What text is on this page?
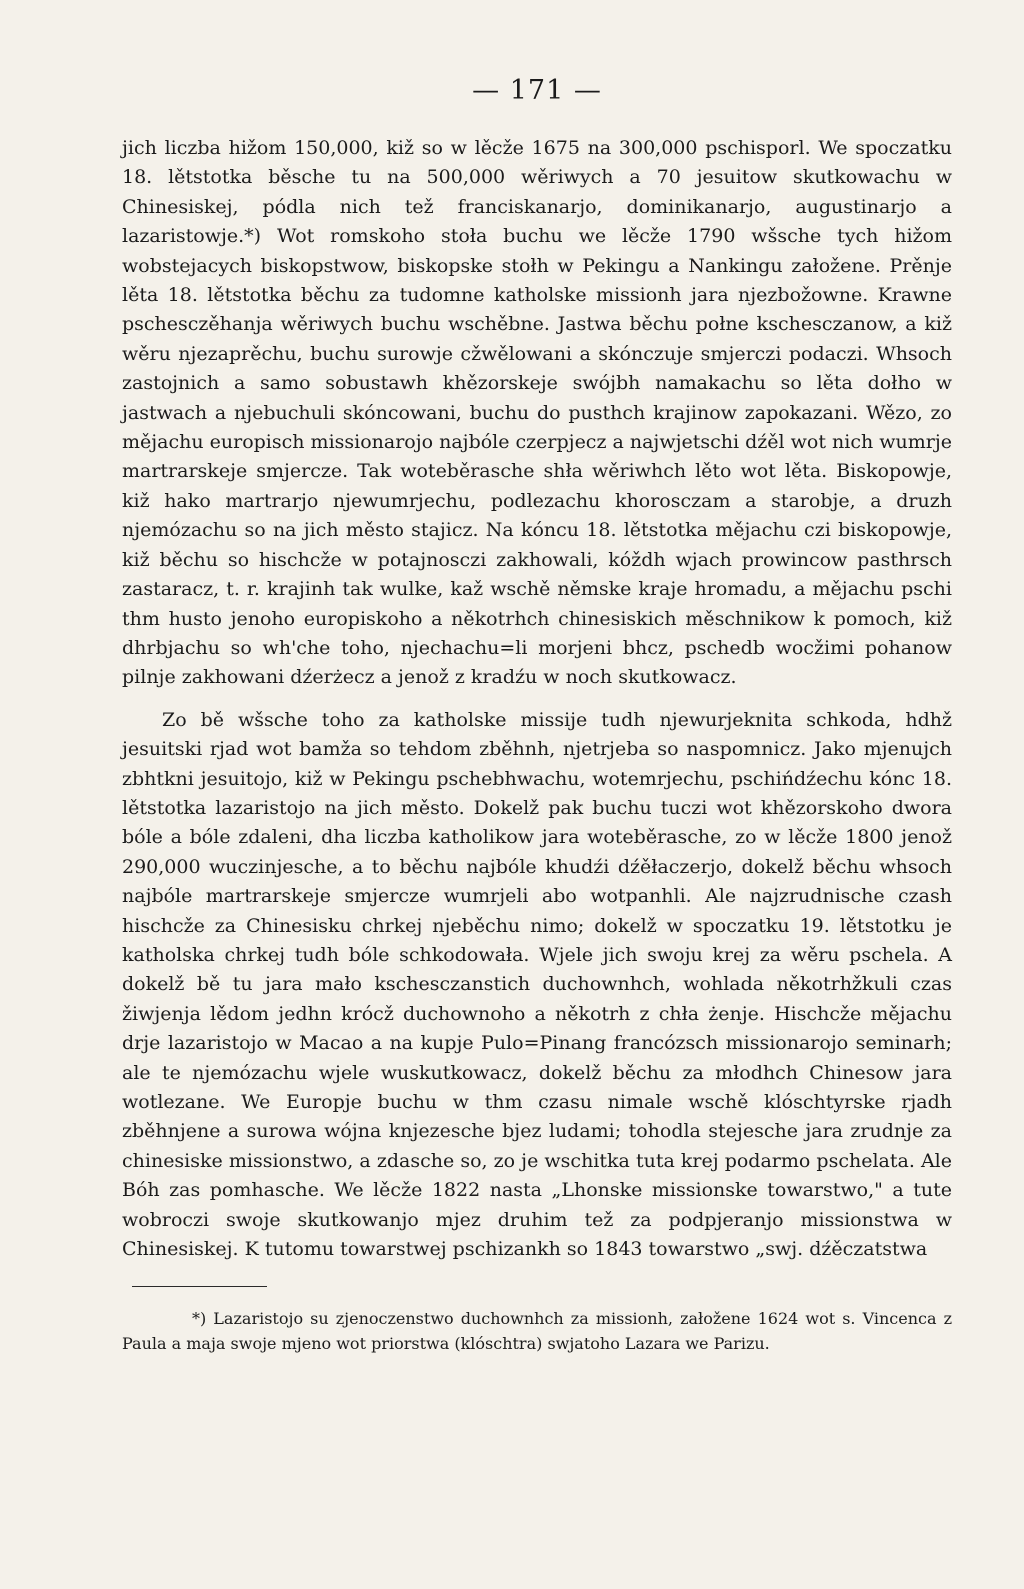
— 171 —

jich liczba hižom 150,000, kiž so w lěcže 1675 na 300,000 pschisporl. We spoczatku 18. lětstotka běsche tu na 500,000 wěriwych a 70 jesuitow skutkowachu w Chinesiskej, pódla nich tež franciskanarjo, dominikanarjo, augustinarjo a lazaristowje.*) Wot romskoho stoła buchu we lěcže 1790 wšsche tych hižom wobstejacych biskopstwow, biskopske stołh w Pekingu a Nankingu załožene. Prěnje lěta 18. lětstotka běchu za tudomne katholske missionh jara njezbožowne. Krawne pschesczěhanja wěriwych buchu wschěbne. Jastwa běchu połne kschesczanow, a kiž wěru njezaprěchu, buchu surowje cžwělowani a skónczuje smjerczi podaczi. Whsoch zastojnich a samo sobustawh khězorskeje swójbh namakachu so lěta dołho w jastwach a njebuchuli skóncowani, buchu do pusthch krajinow zapokazani. Wězo, zo mějachu europisch missionarojo najbóle czerpjecz a najwjetschi dźěl wot nich wumrje martrarskeje smjercze. Tak woteběrasche shła wěriwhch lěto wot lěta. Biskopowje, kiž hako martrarjo njewumrjechu, podlezachu khorosczam a starobje, a druzh njemózachu so na jich město stajicz. Na kóncu 18. lětstotka mějachu czi biskopowje, kiž běchu so hischcže w potajnosczi zakhowali, kóždh wjach prowincow pasthrsch zastaracz, t. r. krajinh tak wulke, kaž wschě němske kraje hromadu, a mějachu pschi thm husto jenoho europiskoho a někotrhch chinesiskich měschnikow k pomoch, kiž dhrbjachu so wh'che toho, njechachu=li morjeni bhcz, pschedb wocžimi pohanow pilnje zakhowani dźerżecz a jenož z kradźu w noch skutkowacz.

Zo bě wšsche toho za katholske missije tudh njewurjeknita schkoda, hdhž jesuitski rjad wot bamža so tehdom zběhnh, njetrjeba so naspomnicz. Jako mjenujch zbhtkni jesuitojo, kiž w Pekingu pschebhwachu, wotemrjechu, pschińdźechu kónc 18. lětstotka lazaristojo na jich město. Dokelž pak buchu tuczi wot khězorskoho dwora bóle a bóle zdaleni, dha liczba katholikow jara woteběrasche, zo w lěcže 1800 jenož 290,000 wuczinjesche, a to běchu najbóle khudźi dźěłaczerjo, dokelž běchu whsoch najbóle martrarskeje smjercze wumrjeli abo wotpanhli. Ale najzrudnische czash hischcže za Chinesisku chrkej njeběchu nimo; dokelž w spoczatku 19. lětstotku je katholska chrkej tudh bóle schkodowała. Wjele jich swoju krej za wěru pschela. A dokelž bě tu jara mało kschesczanstich duchownhch, wohlada někotrhžkuli czas žiwjenja lědom jedhn krócž duchownoho a někotrh z chła żenje. Hischcže mějachu drje lazaristojo w Macao a na kupje Pulo=Pinang francózsch missionarojo seminarh; ale te njemózachu wjele wuskutkowacz, dokelž běchu za młodhch Chinesow jara wotlezane. We Europje buchu w thm czasu nimale wschě klóschtyrske rjadh zběhnjene a surowa wójna knjezesche bjez ludami; tohodla stejesche jara zrudnje za chinesiske missionstwo, a zdasche so, zo je wschitka tuta krej podarmo pschelata. Ale Bóh zas pomhasche. We lěcže 1822 nasta „Lhonske missionske towarstwo," a tute wobroczi swoje skutkowanjo mjez druhim tež za podpjeranjo missionstwa w Chinesiskej. K tutomu towarstwej pschizankh so 1843 towarstwo „swj. dźěczatstwa

*) Lazaristojo su zjenoczenstwo duchownhch za missionh, załožene 1624 wot s. Vincenca z Paula a maja swoje mjeno wot priorstwa (klóschtra) swjatoho Lazara we Parizu.
